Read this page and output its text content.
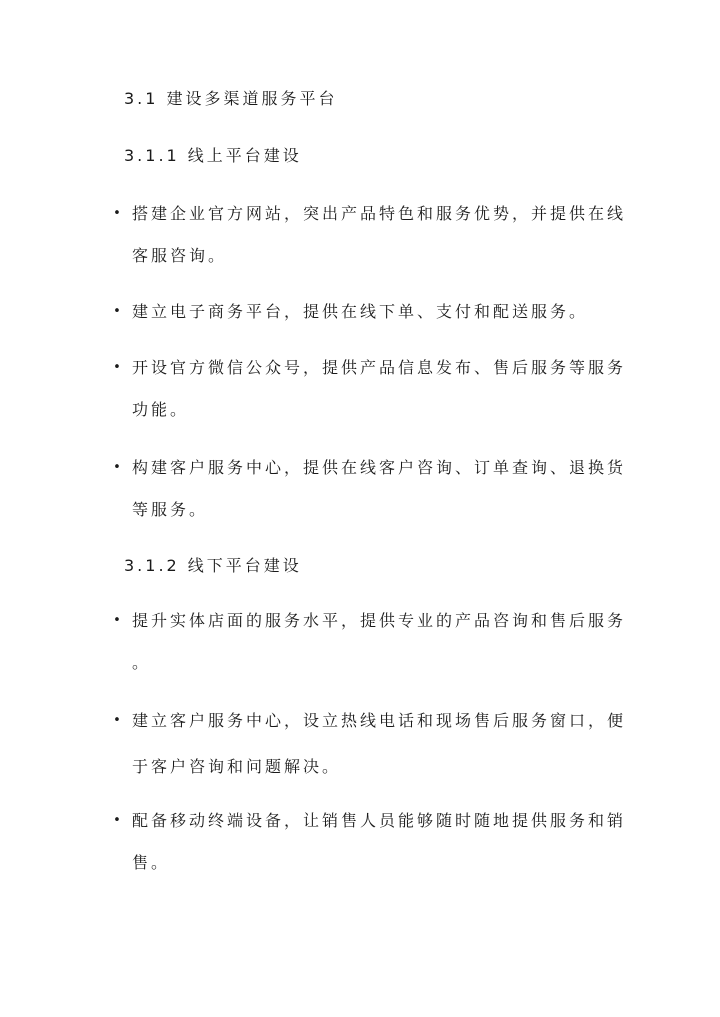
3.1 建设多渠道服务平台
3.1.1 线上平台建设
• 搭建企业官方网站，突出产品特色和服务优势，并提供在线
客服咨询。
• 建立电子商务平台，提供在线下单、支付和配送服务。
• 开设官方微信公众号，提供产品信息发布、售后服务等服务
功能。
• 构建客户服务中心，提供在线客户咨询、订单查询、退换货
等服务。
3.1.2 线下平台建设
• 提升实体店面的服务水平，提供专业的产品咨询和售后服务
。
• 建立客户服务中心，设立热线电话和现场售后服务窗口，便
于客户咨询和问题解决。
• 配备移动终端设备，让销售人员能够随时随地提供服务和销
售。
